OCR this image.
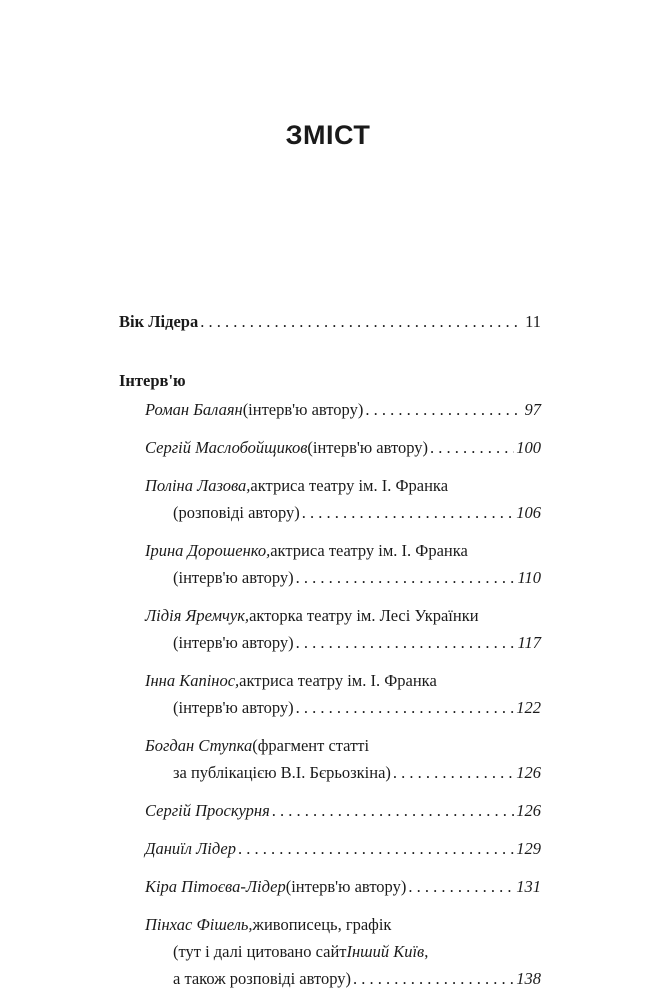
ЗМІСТ
Вік Лідера . . .	11
Інтерв'ю
Роман Балаян (інтерв'ю автору) . . .	97
Сергій Маслобойщиков (інтерв'ю автору) . . .	100
Поліна Лазова, актриса театру ім. І. Франка
(розповіді автору) . . .	106
Ірина Дорошенко, актриса театру ім. І. Франка
(інтерв'ю автору) . . .	110
Лідія Яремчук, акторка театру ім. Лесі Українки
(інтерв'ю автору) . . .	117
Інна Капінос, актриса театру ім. І. Франка
(інтерв'ю автору) . . .	122
Богдан Ступка (фрагмент статті
за публікацією В.І. Бєрьозкіна) . . .	126
Сергій Проскурня . . .	126
Даниїл Лідер . . .	129
Кіра Пітоєва-Лідер (інтерв'ю автору) . . .	131
Пінхас Фішель, живописець, графік
(тут і далі цитовано сайт Інший Київ ,
а також розповіді автору) . . .	138
